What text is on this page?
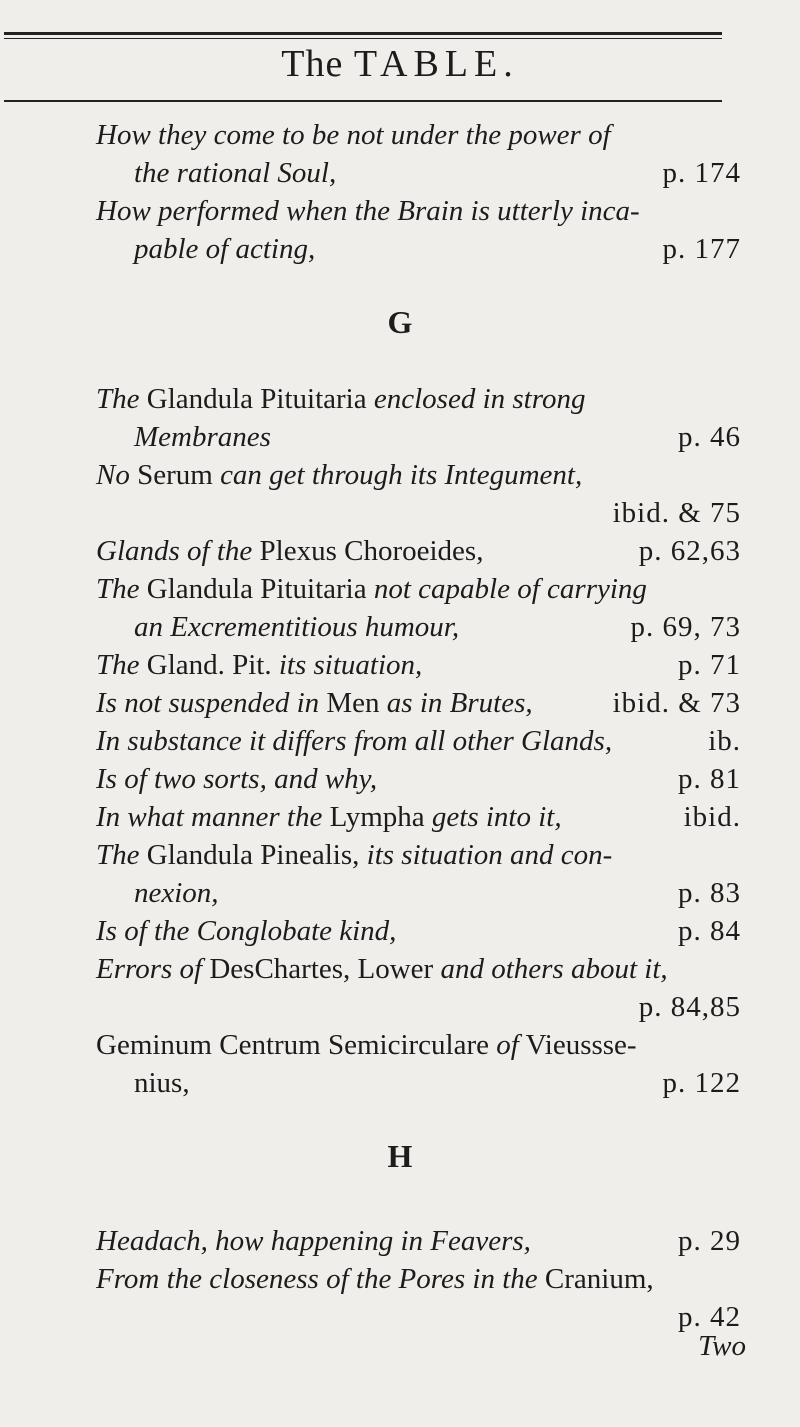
The TABLE.
How they come to be not under the power of
the rational Soul,	p. 174
How performed when the Brain is utterly inca-
pable of acting,	p. 177
The Glandula Pituitaria enclosed in strong
Membranes	p. 46
No Serum can get through its Integument,
ibid. & 75
Glands of the Plexus Choroeides,	p. 62,63
The Glandula Pituitaria not capable of carrying
an Excrementitious humour,	p. 69, 73
The Gland. Pit. its situation,	p. 71
Is not suspended in Men as in Brutes,	ibid. & 73
In substance it differs from all other Glands,	ib.
Is of two sorts, and why,	p. 81
In what manner the Lympha gets into it,	ibid.
The Glandula Pinealis, its situation and con-
nexion,	p. 83
Is of the Conglobate kind,	p. 84
Errors of DesChartes, Lower and others about it,
p. 84,85
Geminum Centrum Semicirculare of Vieussse-
nius,	p. 122
Headach, how happening in Feavers,	p. 29
From the closeness of the Pores in the Cranium,
p. 42
G
H
Two
